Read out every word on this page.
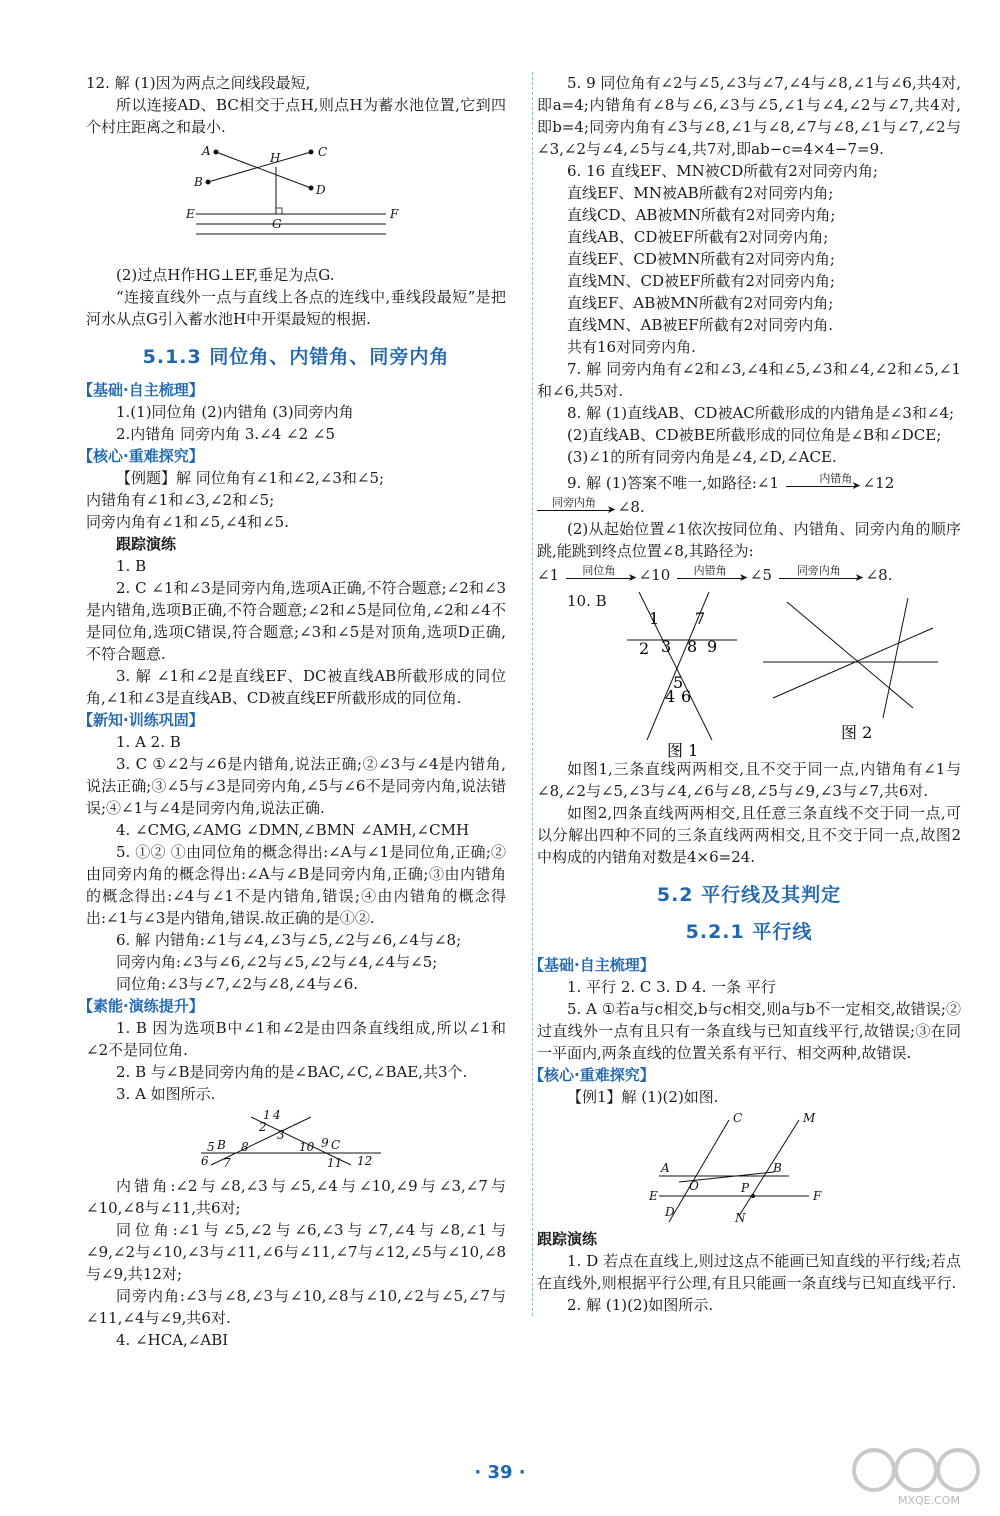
12. 解 (1)因为两点之间线段最短,

所以连接AD、BC相交于点H,则点H为蓄水池位置,它到四个村庄距离之和最小.

A	H	C
B
D
E
G
F

(2)过点H作HG⊥EF,垂足为点G.

“连接直线外一点与直线上各点的连线中,垂线段最短”是把河水从点G引入蓄水池H中开渠最短的根据.

5.1.3 同位角、内错角、同旁内角
【基础·自主梳理】

1.(1)同位角 (2)内错角 (3)同旁内角

2.内错角 同旁内角 3.∠4 ∠2 ∠5

【核心·重难探究】

【例题】解 同位角有∠1和∠2,∠3和∠5;

内错角有∠1和∠3,∠2和∠5;

同旁内角有∠1和∠5,∠4和∠5.

跟踪演练

1. B

2. C ∠1和∠3是同旁内角,选项A正确,不符合题意;∠2和∠3是内错角,选项B正确,不符合题意;∠2和∠5是同位角,∠2和∠4不是同位角,选项C错误,符合题意;∠3和∠5是对顶角,选项D正确,不符合题意.

3. 解 ∠1和∠2是直线EF、DC被直线AB所截形成的同位角,∠1和∠3是直线AB、CD被直线EF所截形成的同位角.

【新知·训练巩固】

1. A 2. B

3. C ①∠2与∠6是内错角,说法正确;②∠3与∠4是内错角,说法正确;③∠5与∠3是同旁内角,∠5与∠6不是同旁内角,说法错误;④∠1与∠4是同旁内角,说法正确.

4. ∠CMG,∠AMG ∠DMN,∠BMN ∠AMH,∠CMH

5. ①② ①由同位角的概念得出:∠A与∠1是同位角,正确;②由同旁内角的概念得出:∠A与∠B是同旁内角,正确;③由内错角的概念得出:∠4与∠1不是内错角,错误;④由内错角的概念得出:∠1与∠3是内错角,错误.故正确的是①②.

6. 解 内错角:∠1与∠4,∠3与∠5,∠2与∠6,∠4与∠8;

同旁内角:∠3与∠6,∠2与∠5,∠2与∠4,∠4与∠5;

同位角:∠3与∠7,∠2与∠8,∠4与∠6.

【素能·演练提升】

1. B 因为选项B中∠1和∠2是由四条直线组成,所以∠1和∠2不是同位角.

2. B 与∠B是同旁内角的是∠BAC,∠C,∠BAE,共3个.

3. A 如图所示.

1 4
2
3
5 B 8
6 7
10 9 C
11 12

内错角:∠2与∠8,∠3与∠5,∠4与∠10,∠9与∠3,∠7与∠10,∠8与∠11,共6对;

同位角:∠1与∠5,∠2与∠6,∠3与∠7,∠4与∠8,∠1与∠9,∠2与∠10,∠3与∠11,∠6与∠11,∠7与∠12,∠5与∠10,∠8与∠9,共12对;

同旁内角:∠3与∠8,∠3与∠10,∠8与∠10,∠2与∠5,∠7与∠11,∠4与∠9,共6对.

4. ∠HCA,∠ABI

5. 9 同位角有∠2与∠5,∠3与∠7,∠4与∠8,∠1与∠6,共4对,即a=4;内错角有∠8与∠6,∠3与∠5,∠1与∠4,∠2与∠7,共4对,即b=4;同旁内角有∠3与∠8,∠1与∠8,∠7与∠8,∠1与∠7,∠2与∠3,∠2与∠4,∠5与∠4,共7对,即ab−c=4×4−7=9.

6. 16 直线EF、MN被CD所截有2对同旁内角;

直线EF、MN被AB所截有2对同旁内角;

直线CD、AB被MN所截有2对同旁内角;

直线AB、CD被EF所截有2对同旁内角;

直线EF、CD被MN所截有2对同旁内角;

直线MN、CD被EF所截有2对同旁内角;

直线EF、AB被MN所截有2对同旁内角;

直线MN、AB被EF所截有2对同旁内角.

共有16对同旁内角.

7. 解 同旁内角有∠2和∠3,∠4和∠5,∠3和∠4,∠2和∠5,∠1和∠6,共5对.

8. 解 (1)直线AB、CD被AC所截形成的内错角是∠3和∠4;

(2)直线AB、CD被BE所截形成的同位角是∠B和∠DCE;

(3)∠1的所有同旁内角是∠4,∠D,∠ACE.

9. 解 (1)答案不唯一,如路径:∠1	内错角
➤ ∠12

同旁内角
➤ ∠8.

(2)从起始位置∠1依次按同位角、内错角、同旁内角的顺序跳,能跳到终点位置∠8,其路径为:

∠1 同位角
➤ ∠10 内错角
➤ ∠5 同旁内角
➤ ∠8.

10. B

1 7
2 3 8 9
5
4 6
图 1
图 2

如图1,三条直线两两相交,且不交于同一点,内错角有∠1与∠8,∠2与∠5,∠3与∠4,∠6与∠8,∠5与∠9,∠3与∠7,共6对.

如图2,四条直线两两相交,且任意三条直线不交于同一点,可以分解出四种不同的三条直线两两相交,且不交于同一点,故图2中构成的内错角对数是4×6=24.

5.2 平行线及其判定
5.2.1 平行线
【基础·自主梳理】

1. 平行 2. C 3. D 4. 一条 平行

5. A ①若a与c相交,b与c相交,则a与b不一定相交,故错误;②过直线外一点有且只有一条直线与已知直线平行,故错误;③在同一平面内,两条直线的位置关系有平行、相交两种,故错误.

【核心·重难探究】

【例1】解 (1)(2)如图.

C	M
A	B
O	P
E	F
D	N

跟踪演练

1. D 若点在直线上,则过这点不能画已知直线的平行线;若点在直线外,则根据平行公理,有且只能画一条直线与已知直线平行.

2. 解 (1)(2)如图所示.

· 39 ·
MXQE.COM
